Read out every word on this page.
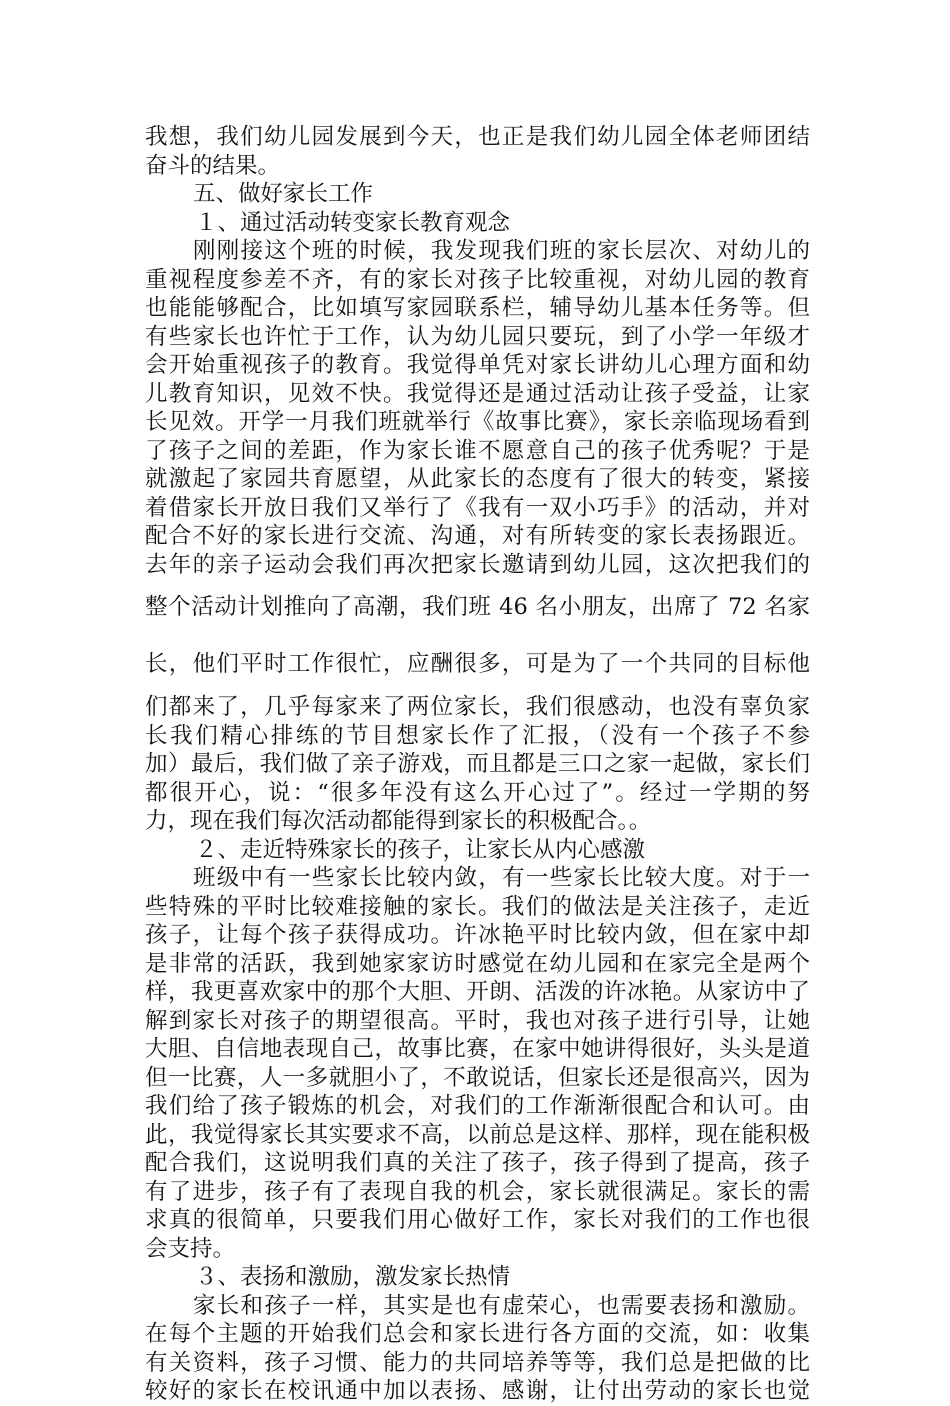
我想，我们幼儿园发展到今天，也正是我们幼儿园全体老师团结
奋斗的结果。
五、做好家长工作
１、通过活动转变家长教育观念
刚刚接这个班的时候，我发现我们班的家长层次、对幼儿的
重视程度参差不齐，有的家长对孩子比较重视，对幼儿园的教育
也能能够配合，比如填写家园联系栏，辅导幼儿基本任务等。但
有些家长也许忙于工作，认为幼儿园只要玩，到了小学一年级才
会开始重视孩子的教育。我觉得单凭对家长讲幼儿心理方面和幼
儿教育知识，见效不快。我觉得还是通过活动让孩子受益，让家
长见效。开学一月我们班就举行《故事比赛》，家长亲临现场看到
了孩子之间的差距，作为家长谁不愿意自己的孩子优秀呢？于是
就激起了家园共育愿望，从此家长的态度有了很大的转变，紧接
着借家长开放日我们又举行了《我有一双小巧手》的活动，并对
配合不好的家长进行交流、沟通，对有所转变的家长表扬跟近。
去年的亲子运动会我们再次把家长邀请到幼儿园，这次把我们的
整个活动计划推向了高潮，我们班 46 名小朋友，出席了 72 名家
长，他们平时工作很忙，应酬很多，可是为了一个共同的目标他
们都来了，几乎每家来了两位家长，我们很感动，也没有辜负家
长我们精心排练的节目想家长作了汇报，（没有一个孩子不参
加）最后，我们做了亲子游戏，而且都是三口之家一起做，家长们
都很开心，说：“很多年没有这么开心过了”。经过一学期的努
力，现在我们每次活动都能得到家长的积极配合。。
２、走近特殊家长的孩子，让家长从内心感激
班级中有一些家长比较内敛，有一些家长比较大度。对于一
些特殊的平时比较难接触的家长。我们的做法是关注孩子，走近
孩子，让每个孩子获得成功。许冰艳平时比较内敛，但在家中却
是非常的活跃，我到她家家访时感觉在幼儿园和在家完全是两个
样，我更喜欢家中的那个大胆、开朗、活泼的许冰艳。从家访中了
解到家长对孩子的期望很高。平时，我也对孩子进行引导，让她
大胆、自信地表现自己，故事比赛，在家中她讲得很好，头头是道
但一比赛，人一多就胆小了，不敢说话，但家长还是很高兴，因为
我们给了孩子锻炼的机会，对我们的工作渐渐很配合和认可。由
此，我觉得家长其实要求不高，以前总是这样、那样，现在能积极
配合我们，这说明我们真的关注了孩子，孩子得到了提高，孩子
有了进步，孩子有了表现自我的机会，家长就很满足。家长的需
求真的很简单，只要我们用心做好工作，家长对我们的工作也很
会支持。
３、表扬和激励，激发家长热情
家长和孩子一样，其实是也有虚荣心，也需要表扬和激励。
在每个主题的开始我们总会和家长进行各方面的交流，如：收集
有关资料，孩子习惯、能力的共同培养等等，我们总是把做的比
较好的家长在校讯通中加以表扬、感谢，让付出劳动的家长也觉
